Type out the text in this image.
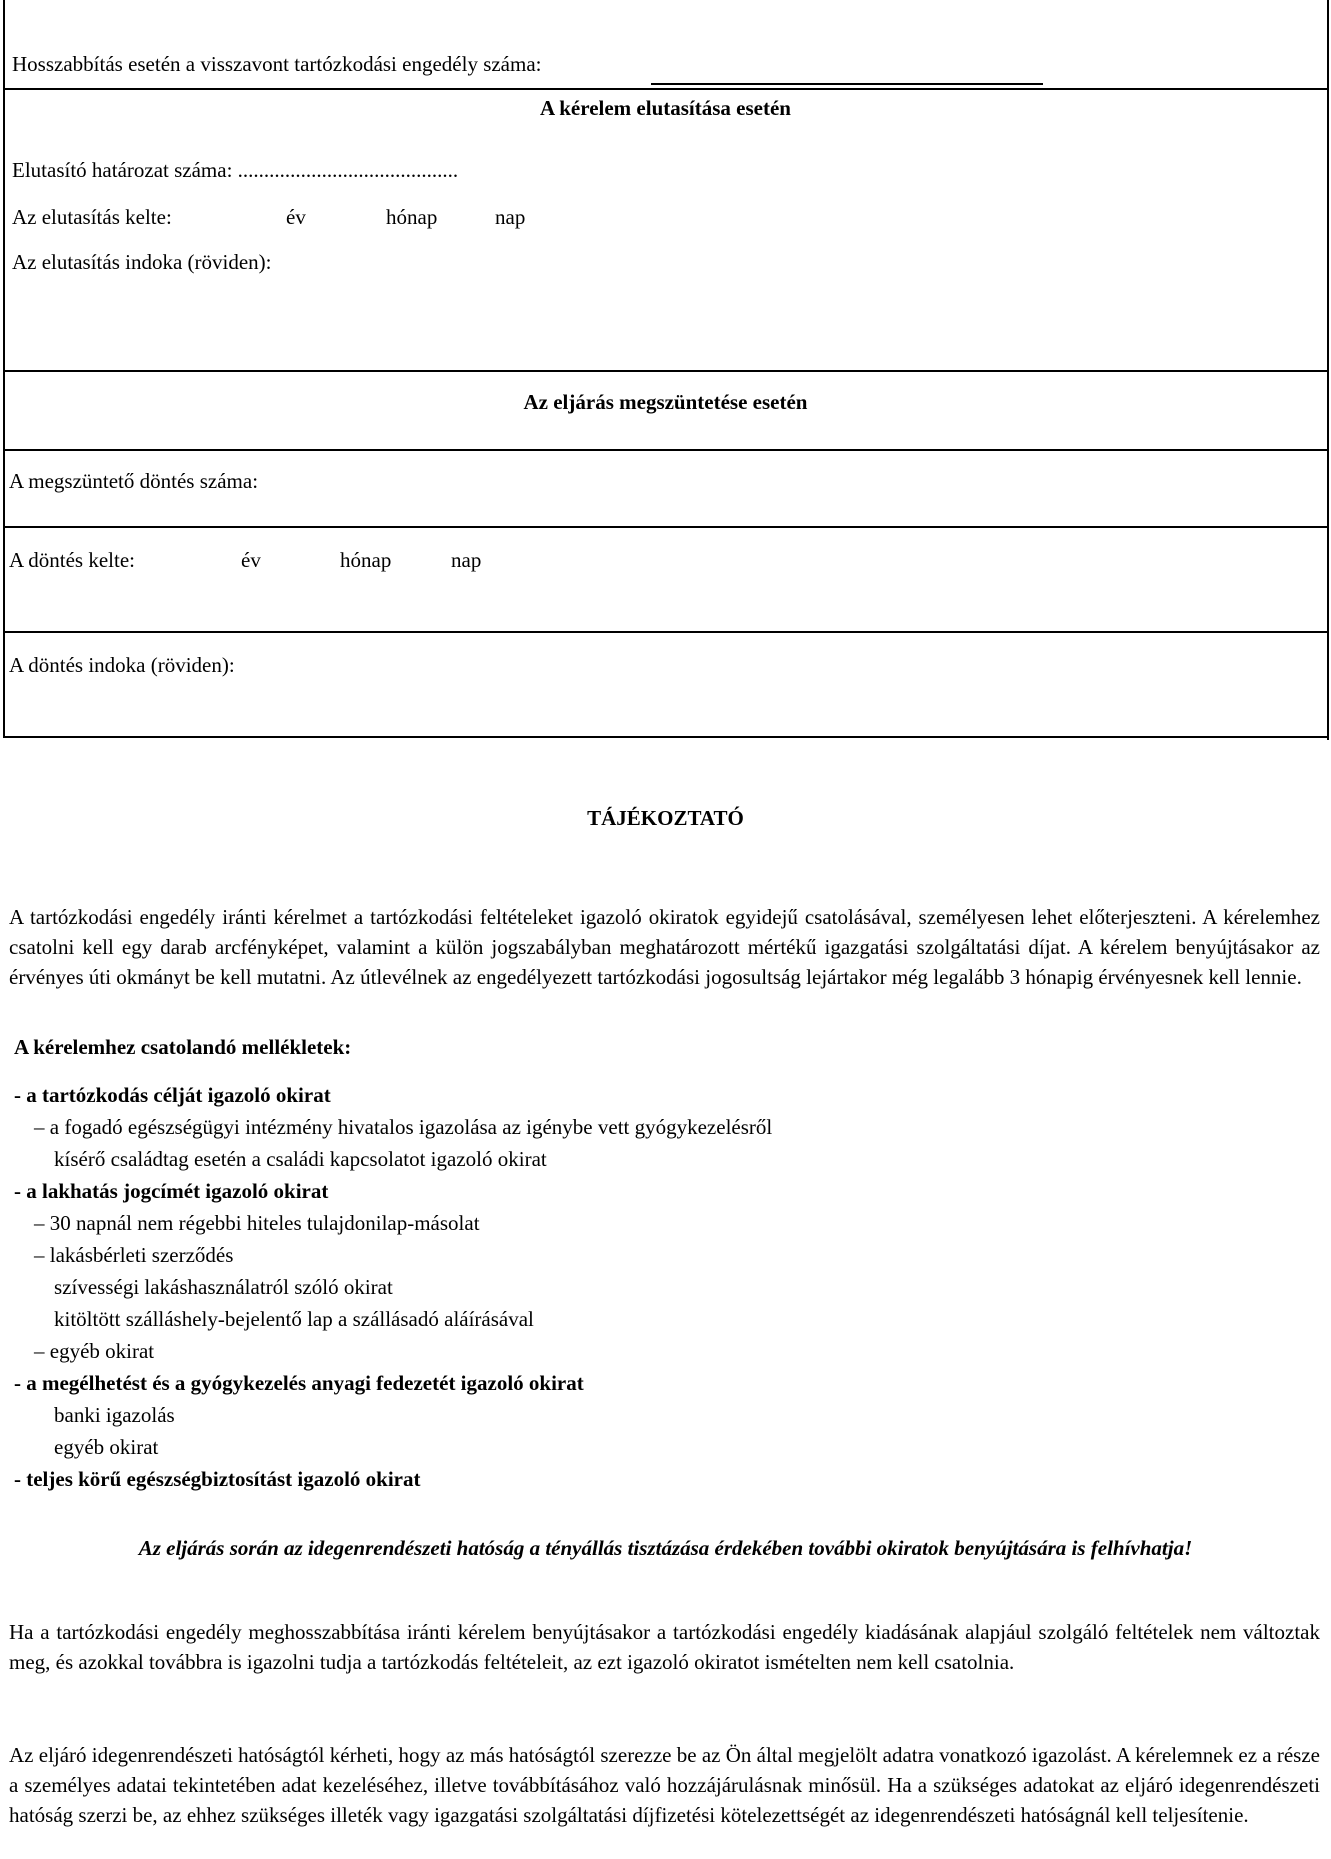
Hosszabbítás esetén a visszavont tartózkodási engedély száma:
A kérelem elutasítása esetén
Elutasító határozat száma: ..........................................
Az elutasítás kelte:	év	hónap	nap
Az elutasítás indoka (röviden):
Az eljárás megszüntetése esetén
A megszüntető döntés száma:
A döntés kelte:	év	hónap	nap
A döntés indoka (röviden):
TÁJÉKOZTATÓ
A tartózkodási engedély iránti kérelmet a tartózkodási feltételeket igazoló okiratok egyidejű csatolásával, személyesen lehet előterjeszteni. A kérelemhez csatolni kell egy darab arcfényképet, valamint a külön jogszabályban meghatározott mértékű igazgatási szolgáltatási díjat. A kérelem benyújtásakor az érvényes úti okmányt be kell mutatni. Az útlevélnek az engedélyezett tartózkodási jogosultság lejártakor még legalább 3 hónapig érvényesnek kell lennie.
A kérelemhez csatolandó mellékletek:
- a tartózkodás célját igazoló okirat
– a fogadó egészségügyi intézmény hivatalos igazolása az igénybe vett gyógykezelésről
kísérő családtag esetén a családi kapcsolatot igazoló okirat
- a lakhatás jogcímét igazoló okirat
– 30 napnál nem régebbi hiteles tulajdonilap-másolat
– lakásbérleti szerződés
szívességi lakáshasználatról szóló okirat
kitöltött szálláshely-bejelentő lap a szállásadó aláírásával
– egyéb okirat
- a megélhetést és a gyógykezelés anyagi fedezetét igazoló okirat
banki igazolás
egyéb okirat
- teljes körű egészségbiztosítást igazoló okirat
Az eljárás során az idegenrendészeti hatóság a tényállás tisztázása érdekében további okiratok benyújtására is felhívhatja!
Ha a tartózkodási engedély meghosszabbítása iránti kérelem benyújtásakor a tartózkodási engedély kiadásának alapjául szolgáló feltételek nem változtak meg, és azokkal továbbra is igazolni tudja a tartózkodás feltételeit, az ezt igazoló okiratot ismételten nem kell csatolnia.
Az eljáró idegenrendészeti hatóságtól kérheti, hogy az más hatóságtól szerezze be az Ön által megjelölt adatra vonatkozó igazolást. A kérelemnek ez a része a személyes adatai tekintetében adat kezeléséhez, illetve továbbításához való hozzájárulásnak minősül. Ha a szükséges adatokat az eljáró idegenrendészeti hatóság szerzi be, az ehhez szükséges illeték vagy igazgatási szolgáltatási díjfizetési kötelezettségét az idegenrendészeti hatóságnál kell teljesítenie.
